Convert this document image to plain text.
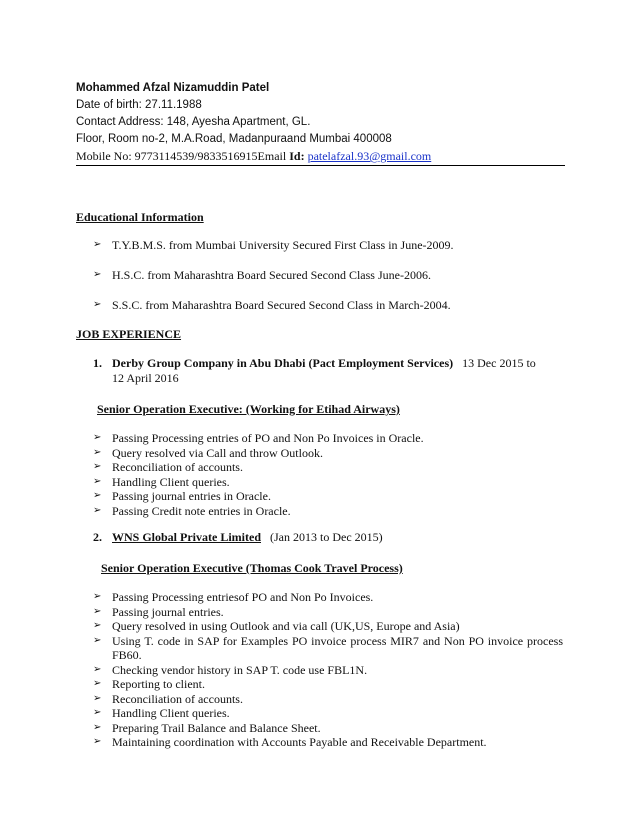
Mohammed Afzal Nizamuddin Patel
Date of birth: 27.11.1988
Contact Address: 148, Ayesha Apartment, GL.
Floor, Room no-2, M.A.Road, Madanpuraand Mumbai 400008
Mobile No: 9773114539/9833516915Email Id: patelafzal.93@gmail.com
Educational Information
➢ T.Y.B.M.S. from Mumbai University Secured First Class in June-2009.
➢ H.S.C. from Maharashtra Board Secured Second Class June-2006.
➢ S.S.C. from Maharashtra Board Secured Second Class in March-2004.
JOB EXPERIENCE
1. Derby Group Company in Abu Dhabi (Pact Employment Services) 13 Dec 2015 to
12 April 2016
Senior Operation Executive: (Working for Etihad Airways)
➢ Passing Processing entries of PO and Non Po Invoices in Oracle.
➢ Query resolved via Call and throw Outlook.
➢ Reconciliation of accounts.
➢ Handling Client queries.
➢ Passing journal entries in Oracle.
➢ Passing Credit note entries in Oracle.
2. WNS Global Private Limited (Jan 2013 to Dec 2015)
Senior Operation Executive (Thomas Cook Travel Process)
➢ Passing Processing entriesof PO and Non Po Invoices.
➢ Passing journal entries.
➢ Query resolved in using Outlook and via call (UK,US, Europe and Asia)
➢ Using T. code in SAP for Examples PO invoice process MIR7 and Non PO invoice process FB60.
➢ Checking vendor history in SAP T. code use FBL1N.
➢ Reporting to client.
➢ Reconciliation of accounts.
➢ Handling Client queries.
➢ Preparing Trail Balance and Balance Sheet.
➢ Maintaining coordination with Accounts Payable and Receivable Department.
